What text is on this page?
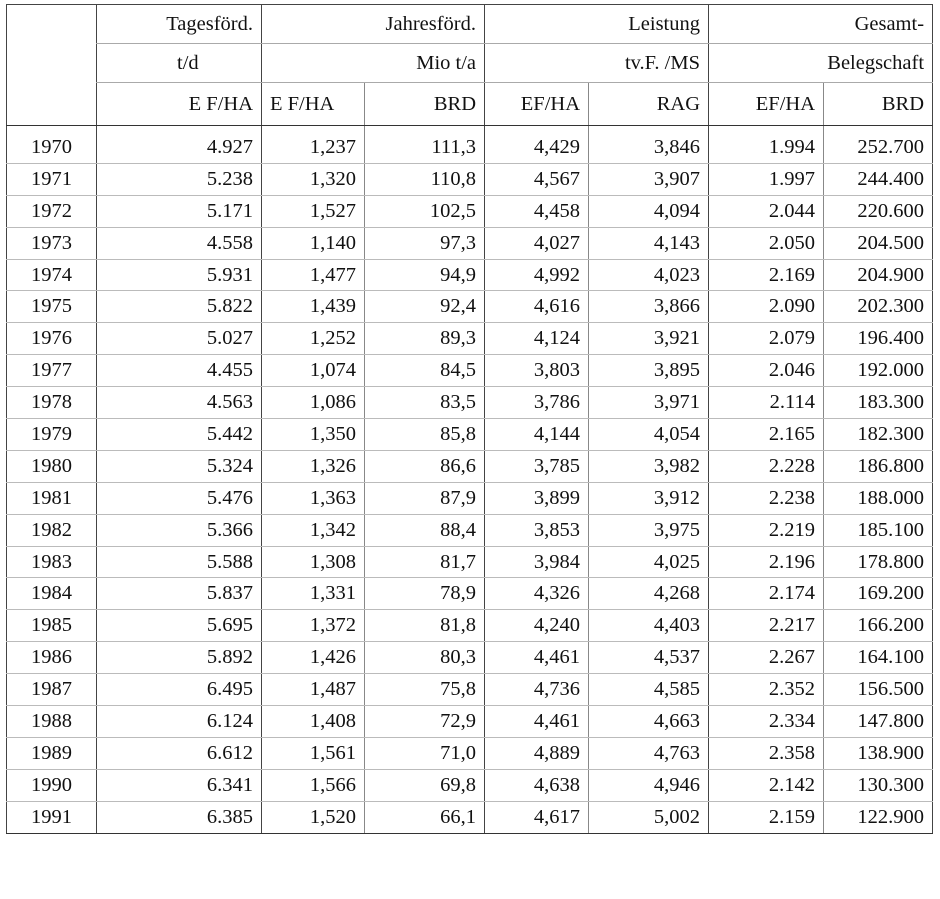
	Tagesförd.	Jahresförd.		Leistung		Gesamt-	
	t/d	Mio t/a		tv.F. /MS		Belegschaft	
	E F/HA	E F/HA	BRD	EF/HA	RAG	EF/HA	BRD

1970	4.927	1,237	111,3	4,429	3,846	1.994	252.700
1971	5.238	1,320	110,8	4,567	3,907	1.997	244.400
1972	5.171	1,527	102,5	4,458	4,094	2.044	220.600
1973	4.558	1,140	97,3	4,027	4,143	2.050	204.500
1974	5.931	1,477	94,9	4,992	4,023	2.169	204.900
1975	5.822	1,439	92,4	4,616	3,866	2.090	202.300
1976	5.027	1,252	89,3	4,124	3,921	2.079	196.400
1977	4.455	1,074	84,5	3,803	3,895	2.046	192.000
1978	4.563	1,086	83,5	3,786	3,971	2.114	183.300
1979	5.442	1,350	85,8	4,144	4,054	2.165	182.300
1980	5.324	1,326	86,6	3,785	3,982	2.228	186.800
1981	5.476	1,363	87,9	3,899	3,912	2.238	188.000
1982	5.366	1,342	88,4	3,853	3,975	2.219	185.100
1983	5.588	1,308	81,7	3,984	4,025	2.196	178.800
1984	5.837	1,331	78,9	4,326	4,268	2.174	169.200
1985	5.695	1,372	81,8	4,240	4,403	2.217	166.200
1986	5.892	1,426	80,3	4,461	4,537	2.267	164.100
1987	6.495	1,487	75,8	4,736	4,585	2.352	156.500
1988	6.124	1,408	72,9	4,461	4,663	2.334	147.800
1989	6.612	1,561	71,0	4,889	4,763	2.358	138.900
1990	6.341	1,566	69,8	4,638	4,946	2.142	130.300
1991	6.385	1,520	66,1	4,617	5,002	2.159	122.900
